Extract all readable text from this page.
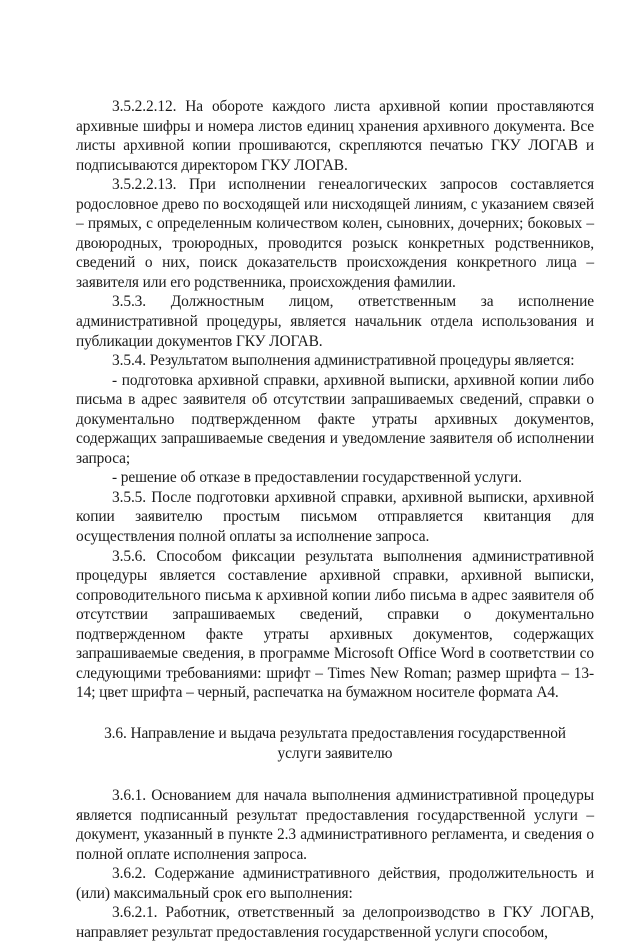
3.5.2.2.12. На обороте каждого листа архивной копии проставляются архивные шифры и номера листов единиц хранения архивного документа. Все листы архивной копии прошиваются, скрепляются печатью ГКУ ЛОГАВ и подписываются директором ГКУ ЛОГАВ.

3.5.2.2.13. При исполнении генеалогических запросов составляется родословное древо по восходящей или нисходящей линиям, с указанием связей – прямых, с определенным количеством колен, сыновних, дочерних; боковых – двоюродных, троюродных, проводится розыск конкретных родственников, сведений о них, поиск доказательств происхождения конкретного лица – заявителя или его родственника, происхождения фамилии.

3.5.3. Должностным лицом, ответственным за исполнение административной процедуры, является начальник отдела использования и публикации документов ГКУ ЛОГАВ.

3.5.4. Результатом выполнения административной процедуры является:

- подготовка архивной справки, архивной выписки, архивной копии либо письма в адрес заявителя об отсутствии запрашиваемых сведений, справки о документально подтвержденном факте утраты архивных документов, содержащих запрашиваемые сведения и уведомление заявителя об исполнении запроса;

- решение об отказе в предоставлении государственной услуги.

3.5.5. После подготовки архивной справки, архивной выписки, архивной копии заявителю простым письмом отправляется квитанция для осуществления полной оплаты за исполнение запроса.

3.5.6. Способом фиксации результата выполнения административной процедуры является составление архивной справки, архивной выписки, сопроводительного письма к архивной копии либо письма в адрес заявителя об отсутствии запрашиваемых сведений, справки о документально подтвержденном факте утраты архивных документов, содержащих запрашиваемые сведения, в программе Microsoft Office Word в соответствии со следующими требованиями: шрифт – Times New Roman; размер шрифта – 13-14; цвет шрифта – черный, распечатка на бумажном носителе формата А4.

3.6. Направление и выдача результата предоставления государственной услуги заявителю

3.6.1. Основанием для начала выполнения административной процедуры является подписанный результат предоставления государственной услуги – документ, указанный в пункте 2.3 административного регламента, и сведения о полной оплате исполнения запроса.

3.6.2. Содержание административного действия, продолжительность и (или) максимальный срок его выполнения:

3.6.2.1. Работник, ответственный за делопроизводство в ГКУ ЛОГАВ, направляет результат предоставления государственной услуги способом,
